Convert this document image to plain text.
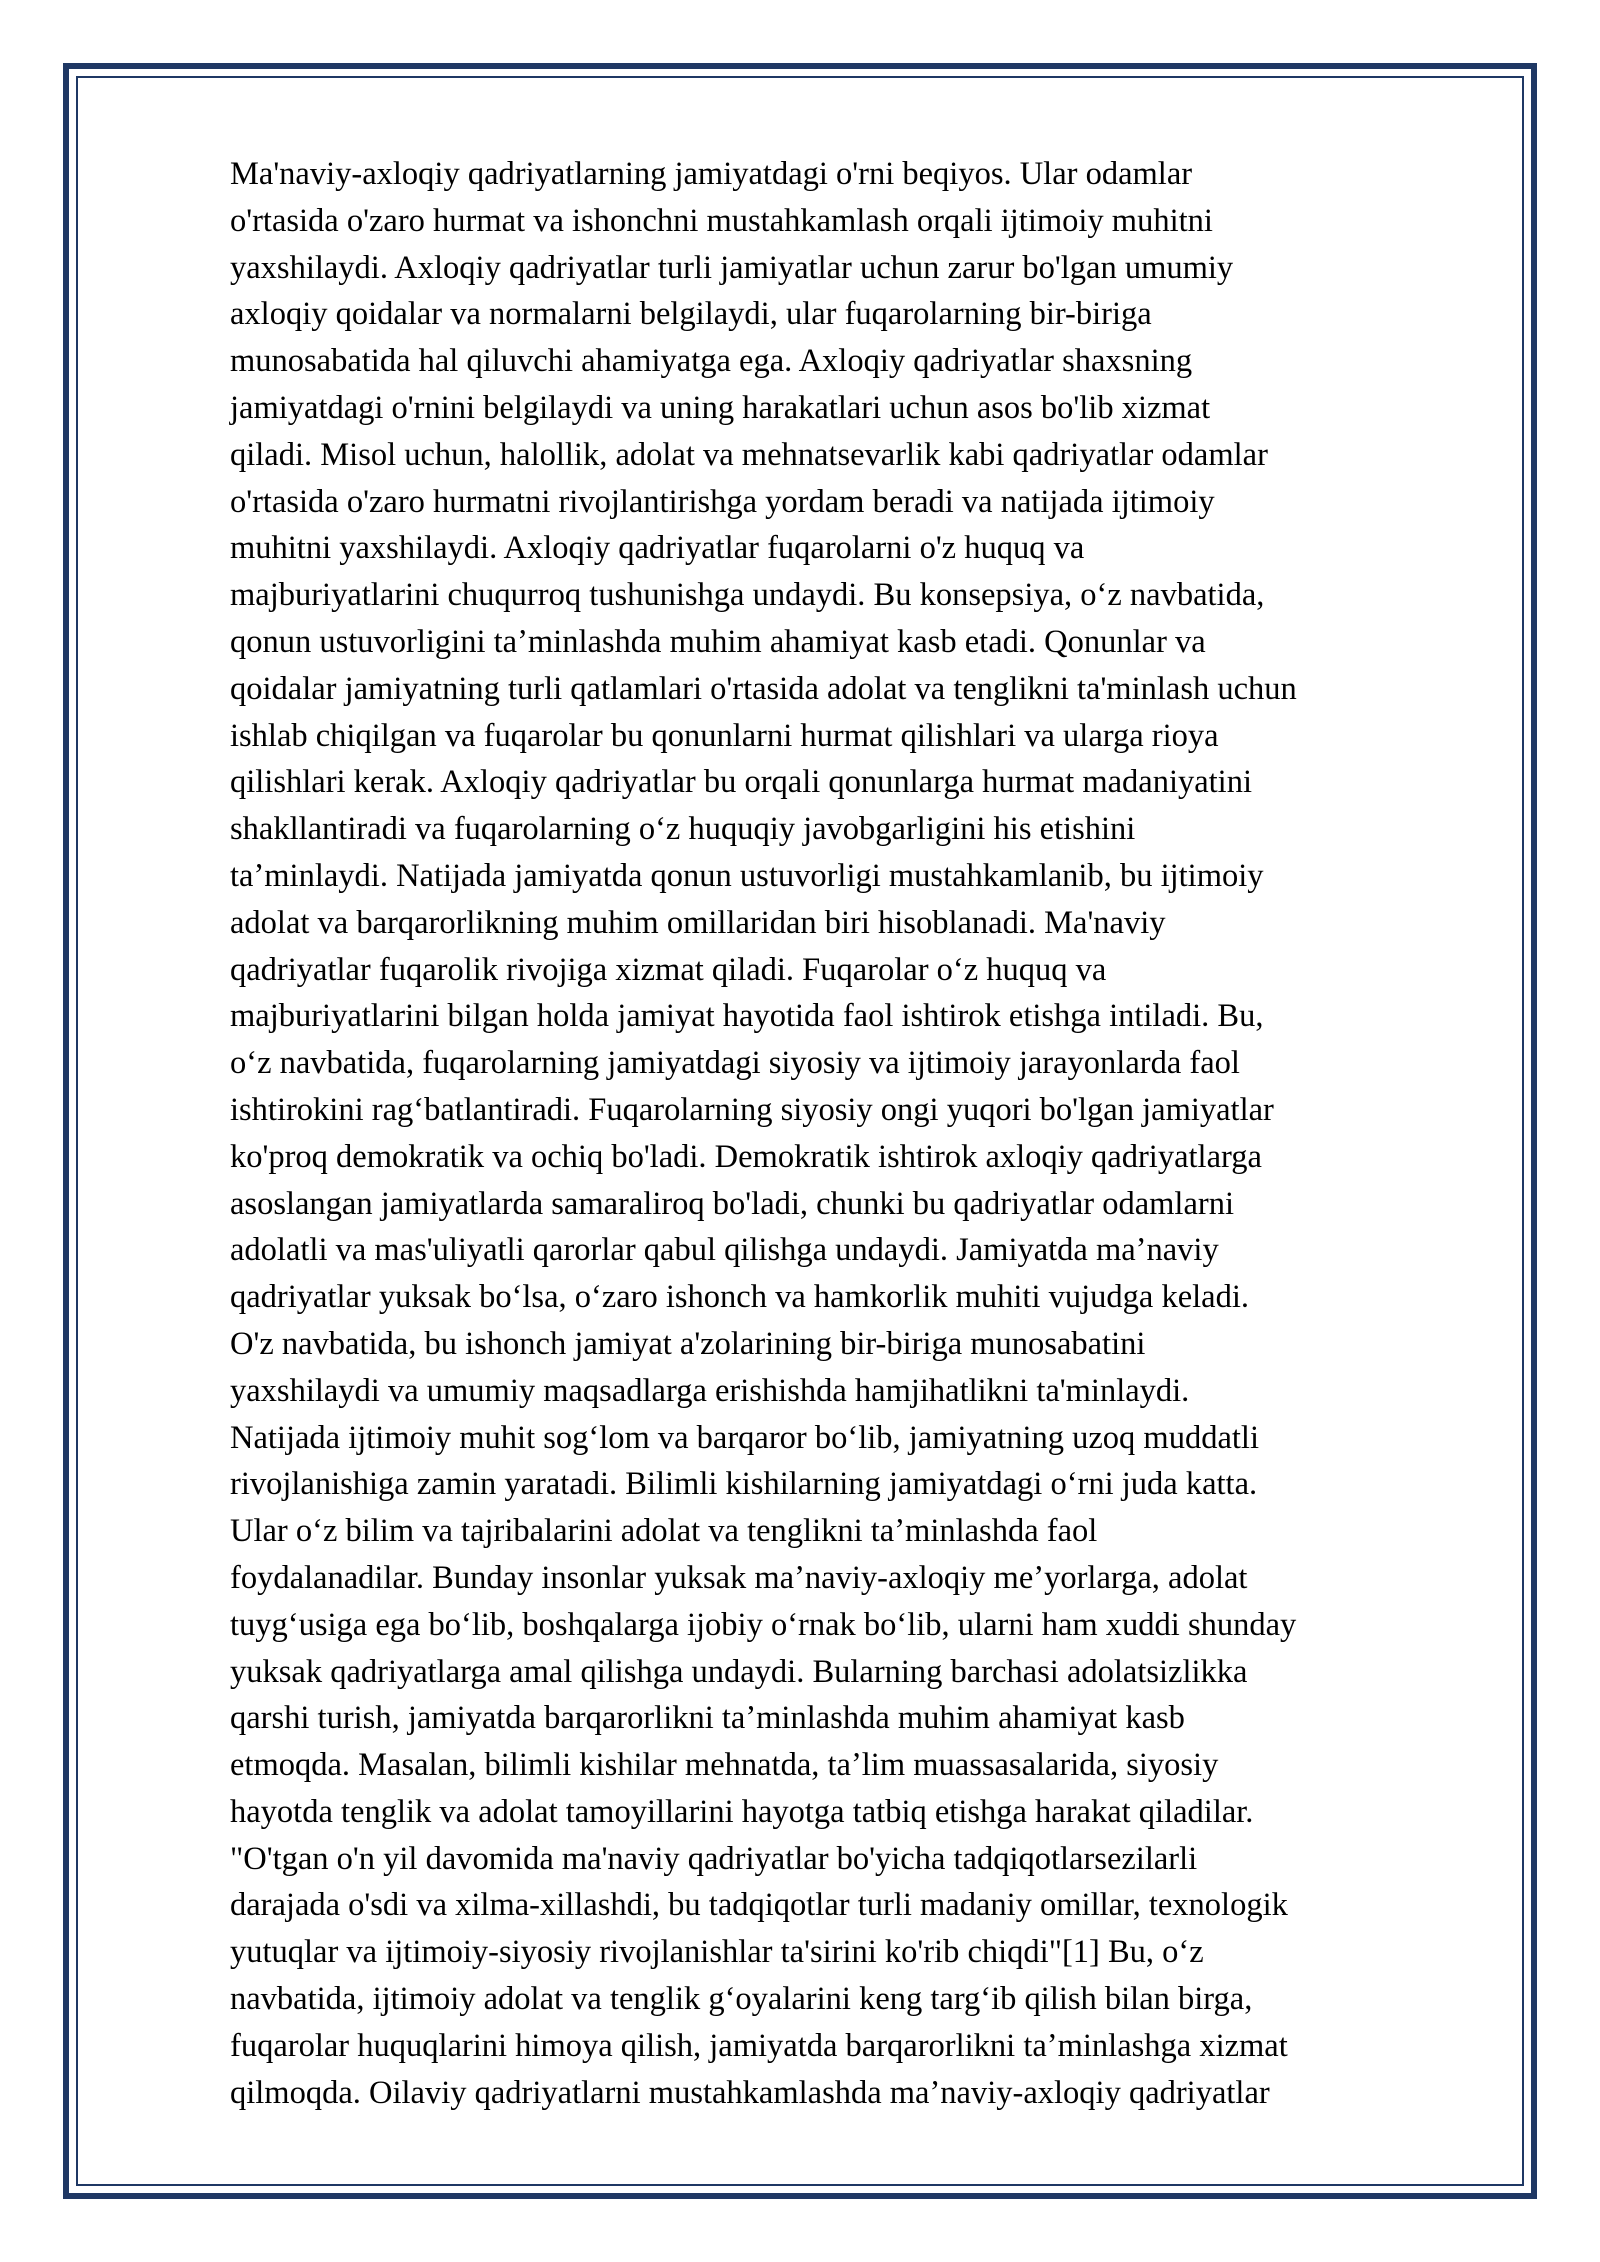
Ma'naviy-axloqiy qadriyatlarning jamiyatdagi o'rni beqiyos. Ular odamlar
o'rtasida o'zaro hurmat va ishonchni mustahkamlash orqali ijtimoiy muhitni
yaxshilaydi. Axloqiy qadriyatlar turli jamiyatlar uchun zarur bo'lgan umumiy
axloqiy qoidalar va normalarni belgilaydi, ular fuqarolarning bir-biriga
munosabatida hal qiluvchi ahamiyatga ega. Axloqiy qadriyatlar shaxsning
jamiyatdagi o'rnini belgilaydi va uning harakatlari uchun asos bo'lib xizmat
qiladi. Misol uchun, halollik, adolat va mehnatsevarlik kabi qadriyatlar odamlar
o'rtasida o'zaro hurmatni rivojlantirishga yordam beradi va natijada ijtimoiy
muhitni yaxshilaydi. Axloqiy qadriyatlar fuqarolarni o'z huquq va
majburiyatlarini chuqurroq tushunishga undaydi. Bu konsepsiya, oʻz navbatida,
qonun ustuvorligini taʼminlashda muhim ahamiyat kasb etadi. Qonunlar va
qoidalar jamiyatning turli qatlamlari o'rtasida adolat va tenglikni ta'minlash uchun
ishlab chiqilgan va fuqarolar bu qonunlarni hurmat qilishlari va ularga rioya
qilishlari kerak. Axloqiy qadriyatlar bu orqali qonunlarga hurmat madaniyatini
shakllantiradi va fuqarolarning oʻz huquqiy javobgarligini his etishini
taʼminlaydi. Natijada jamiyatda qonun ustuvorligi mustahkamlanib, bu ijtimoiy
adolat va barqarorlikning muhim omillaridan biri hisoblanadi. Ma'naviy
qadriyatlar fuqarolik rivojiga xizmat qiladi. Fuqarolar oʻz huquq va
majburiyatlarini bilgan holda jamiyat hayotida faol ishtirok etishga intiladi. Bu,
oʻz navbatida, fuqarolarning jamiyatdagi siyosiy va ijtimoiy jarayonlarda faol
ishtirokini ragʻbatlantiradi. Fuqarolarning siyosiy ongi yuqori bo'lgan jamiyatlar
ko'proq demokratik va ochiq bo'ladi. Demokratik ishtirok axloqiy qadriyatlarga
asoslangan jamiyatlarda samaraliroq bo'ladi, chunki bu qadriyatlar odamlarni
adolatli va mas'uliyatli qarorlar qabul qilishga undaydi. Jamiyatda maʼnaviy
qadriyatlar yuksak boʻlsa, oʻzaro ishonch va hamkorlik muhiti vujudga keladi.
O'z navbatida, bu ishonch jamiyat a'zolarining bir-biriga munosabatini
yaxshilaydi va umumiy maqsadlarga erishishda hamjihatlikni ta'minlaydi.
Natijada ijtimoiy muhit sogʻlom va barqaror boʻlib, jamiyatning uzoq muddatli
rivojlanishiga zamin yaratadi. Bilimli kishilarning jamiyatdagi oʻrni juda katta.
Ular oʻz bilim va tajribalarini adolat va tenglikni taʼminlashda faol
foydalanadilar. Bunday insonlar yuksak maʼnaviy-axloqiy meʼyorlarga, adolat
tuygʻusiga ega boʻlib, boshqalarga ijobiy oʻrnak boʻlib, ularni ham xuddi shunday
yuksak qadriyatlarga amal qilishga undaydi. Bularning barchasi adolatsizlikka
qarshi turish, jamiyatda barqarorlikni taʼminlashda muhim ahamiyat kasb
etmoqda. Masalan, bilimli kishilar mehnatda, taʼlim muassasalarida, siyosiy
hayotda tenglik va adolat tamoyillarini hayotga tatbiq etishga harakat qiladilar.
"O'tgan o'n yil davomida ma'naviy qadriyatlar bo'yicha tadqiqotlarsezilarli
darajada o'sdi va xilma-xillashdi, bu tadqiqotlar turli madaniy omillar, texnologik
yutuqlar va ijtimoiy-siyosiy rivojlanishlar ta'sirini ko'rib chiqdi"[1] Bu, oʻz
navbatida, ijtimoiy adolat va tenglik gʻoyalarini keng targʻib qilish bilan birga,
fuqarolar huquqlarini himoya qilish, jamiyatda barqarorlikni taʼminlashga xizmat
qilmoqda. Oilaviy qadriyatlarni mustahkamlashda maʼnaviy-axloqiy qadriyatlar
